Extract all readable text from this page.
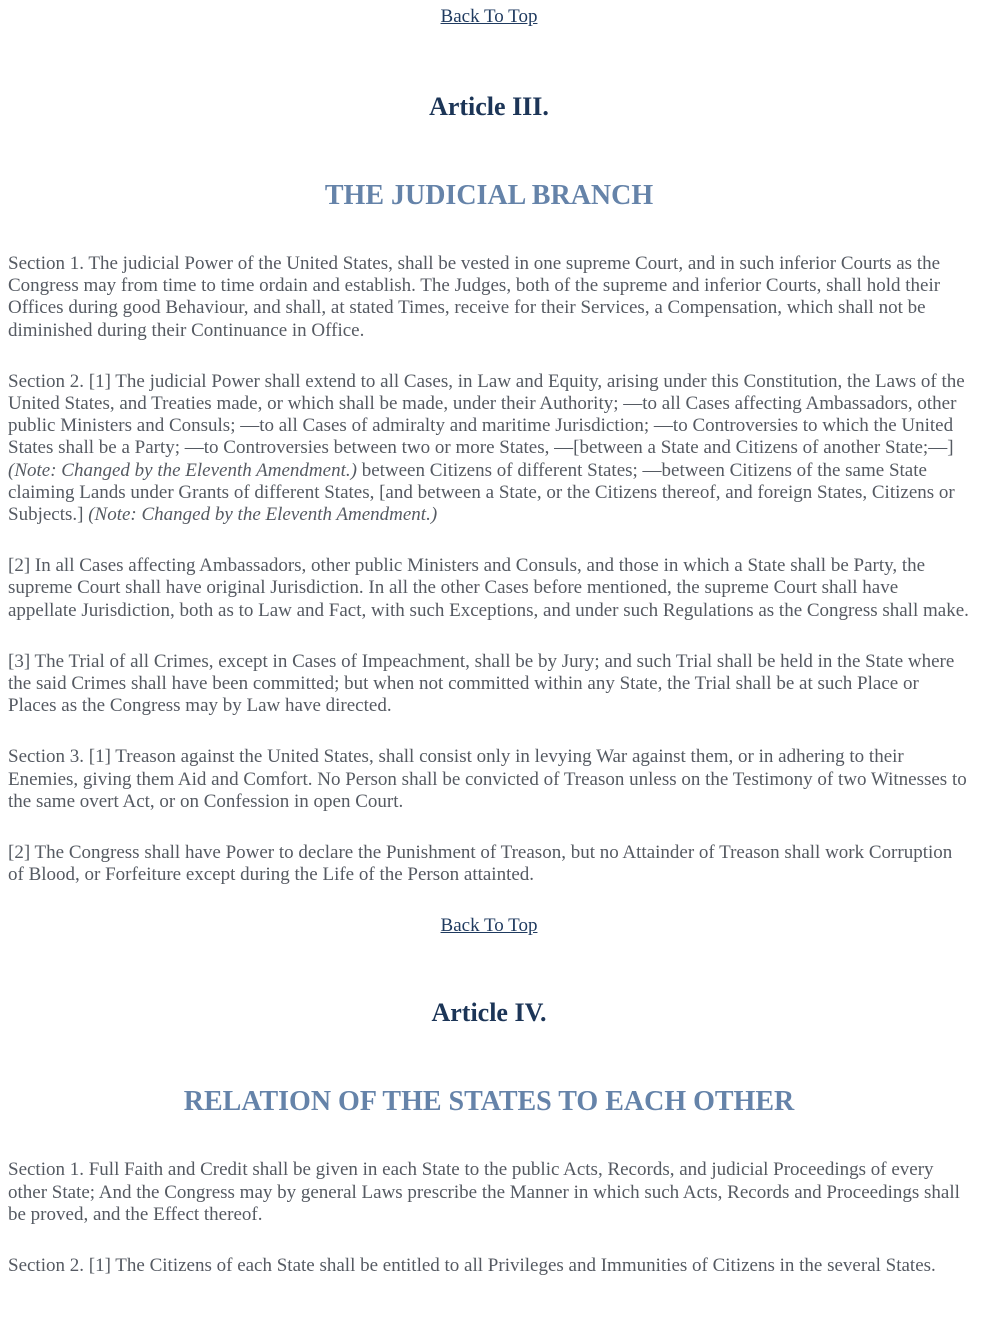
Back To Top
Article III.
THE JUDICIAL BRANCH

Section 1. The judicial Power of the United States, shall be vested in one supreme Court, and in such inferior Courts as the Congress may from time to time ordain and establish. The Judges, both of the supreme and inferior Courts, shall hold their Offices during good Behaviour, and shall, at stated Times, receive for their Services, a Compensation, which shall not be diminished during their Continuance in Office.

Section 2. [1] The judicial Power shall extend to all Cases, in Law and Equity, arising under this Constitution, the Laws of the United States, and Treaties made, or which shall be made, under their Authority; —to all Cases affecting Ambassadors, other public Ministers and Consuls; —to all Cases of admiralty and maritime Jurisdiction; —to Controversies to which the United States shall be a Party; —to Controversies between two or more States, —[between a State and Citizens of another State;—] (Note: Changed by the Eleventh Amendment.) between Citizens of different States; —between Citizens of the same State claiming Lands under Grants of different States, [and between a State, or the Citizens thereof, and foreign States, Citizens or Subjects.] (Note: Changed by the Eleventh Amendment.)

[2] In all Cases affecting Ambassadors, other public Ministers and Consuls, and those in which a State shall be Party, the supreme Court shall have original Jurisdiction. In all the other Cases before mentioned, the supreme Court shall have appellate Jurisdiction, both as to Law and Fact, with such Exceptions, and under such Regulations as the Congress shall make.

[3] The Trial of all Crimes, except in Cases of Impeachment, shall be by Jury; and such Trial shall be held in the State where the said Crimes shall have been committed; but when not committed within any State, the Trial shall be at such Place or Places as the Congress may by Law have directed.

Section 3. [1] Treason against the United States, shall consist only in levying War against them, or in adhering to their Enemies, giving them Aid and Comfort. No Person shall be convicted of Treason unless on the Testimony of two Witnesses to the same overt Act, or on Confession in open Court.

[2] The Congress shall have Power to declare the Punishment of Treason, but no Attainder of Treason shall work Corruption of Blood, or Forfeiture except during the Life of the Person attainted.

Back To Top
Article IV.
RELATION OF THE STATES TO EACH OTHER

Section 1. Full Faith and Credit shall be given in each State to the public Acts, Records, and judicial Proceedings of every other State; And the Congress may by general Laws prescribe the Manner in which such Acts, Records and Proceedings shall be proved, and the Effect thereof.

Section 2. [1] The Citizens of each State shall be entitled to all Privileges and Immunities of Citizens in the several States.
